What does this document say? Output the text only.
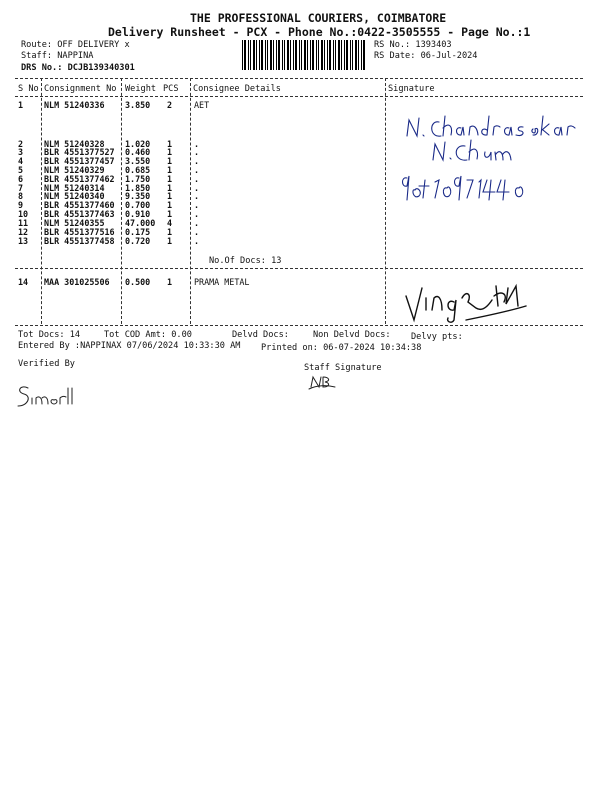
THE PROFESSIONAL COURIERS, COIMBATORE
Delivery Runsheet - PCX - Phone No.:0422-3505555 - Page No.:1
Route: OFF DELIVERY x
Staff: NAPPINA
DRS No.: DCJB139340301
RS No.: 1393403
RS Date: 06-Jul-2024
S No Consignment No Weight PCS Consignee Details	Signature
1 NLM 51240336 3.850 2	AET
2 NLM 51240328 1.020 1	.
3 BLR 4551377527 0.460 1	.
4 BLR 4551377457 3.550 1	.
5 NLM 51240329 0.685 1	.
6 BLR 4551377462 1.750 1	.
7 NLM 51240314 1.850 1	.
8 NLM 51240340 9.350 1	.
9 BLR 4551377460 0.700 1	.
10 BLR 4551377463 0.910 1	.
11 NLM 51240355 47.000 4	.
12 BLR 4551377516 0.175 1	.
13 BLR 4551377458 0.720 1	.
14 MAA 301025506 0.500 1	PRAMA METAL
No.Of Docs: 13
N. Chandrasekar
Tot Docs: 14	Tot COD Amt: 0.00	Delvd Docs:	Non Delvd Docs: Delvy pts:
Entered By :NAPPINAX 07/06/2024 10:33:30 AM Printed on: 06-07-2024 10:34:38
Verified By	Staff Signature
